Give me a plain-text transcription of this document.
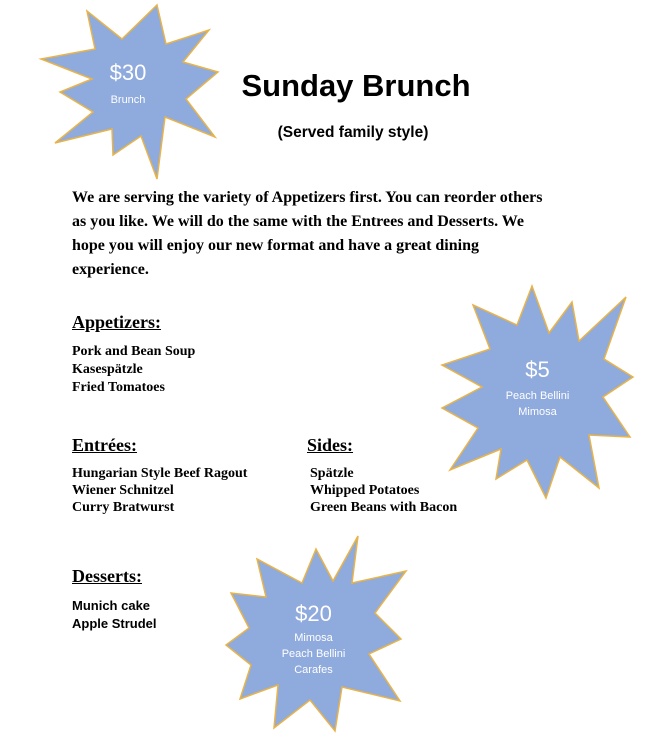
$30
Brunch
$5
Peach Bellini
Mimosa
$20
Mimosa
Peach Bellini
Carafes
Sunday Brunch
(Served family style)
We are serving the variety of Appetizers first. You can reorder others as you like. We will do the same with the Entrees and Desserts. We hope you will enjoy our new format and have a great dining experience.
Appetizers:
Pork and Bean Soup
Kasespätzle
Fried Tomatoes
Entrées:
Hungarian Style Beef Ragout
Wiener Schnitzel
Curry Bratwurst
Sides:
Spätzle
Whipped Potatoes
Green Beans with Bacon
Desserts:
Munich cake
Apple Strudel
